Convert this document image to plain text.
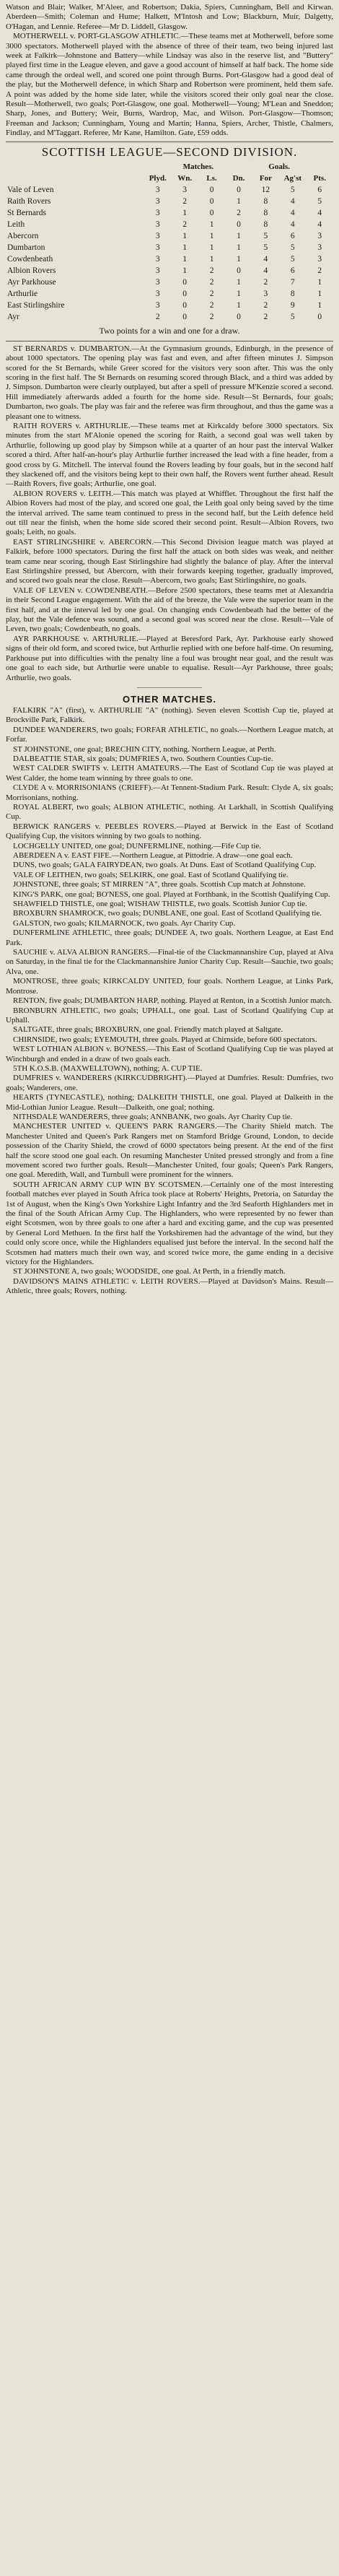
Watson and Blair; Walker, M'Aleer, and Robertson; Dakia, Spiers, Cunningham, Bell and Kirwan. Aberdeen—Smith; Coleman and Hume; Halkett, M'Intosh and Low; Blackburn, Muir, Dalgetty, O'Hagan, and Lennie. Referee—Mr D. Liddell, Glasgow.

MOTHERWELL v. PORT-GLASGOW ATHLETIC.—These teams met at Motherwell, before some 3000 spectators. Motherwell played with the absence of three of their team, two being injured last week at Falkirk—Johnstone and Battery—while Lindsay was also in the reserve list, and "Buttery" played first time in the League eleven, and gave a good account of himself at half back. The home side came through the ordeal well, and scored one point through Burns. Port-Glasgow had a good deal of the play, but the Motherwell defence, in which Sharp and Robertson were prominent, held them safe. A point was added by the home side later, while the visitors scored their only goal near the close. Result—Motherwell, two goals; Port-Glasgow, one goal. Motherwell—Young; M'Lean and Sneddon; Sharp, Jones, and Buttery; Weir, Burns, Wardrop, Mac, and Wilson. Port-Glasgow—Thomson; Freeman and Jackson; Cunningham, Young and Martin; Hanna, Spiers, Archer, Thistle, Chalmers, Findlay, and M'Taggart. Referee, Mr Kane, Hamilton. Gate, £59 odds.

SCOTTISH LEAGUE—SECOND DIVISION.
	Matches.				Goals.		
	Plyd.	Wn.	Ls.	Dn.	For	Ag'st	Pts.
Vale of Leven	3	3	0	0	12	5	6
Raith Rovers	3	2	0	1	8	4	5
St Bernards	3	1	0	2	8	4	4
Leith	3	2	1	0	8	4	4
Abercorn	3	1	1	1	5	6	3
Dumbarton	3	1	1	1	5	5	3
Cowdenbeath	3	1	1	1	4	5	3
Albion Rovers	3	1	2	0	4	6	2
Ayr Parkhouse	3	0	2	1	2	7	1
Arthurlie	3	0	2	1	3	8	1
East Stirlingshire	3	0	2	1	2	9	1
Ayr	2	0	2	0	2	5	0
Two points for a win and one for a draw.

ST BERNARDS v. DUMBARTON.—At the Gymnasium grounds, Edinburgh, in the presence of about 1000 spectators. The opening play was fast and even, and after fifteen minutes J. Simpson scored for the St Bernards, while Greer scored for the visitors very soon after. This was the only scoring in the first half. The St Bernards on resuming scored through Black, and a third was added by J. Simpson. Dumbarton were clearly outplayed, but after a spell of pressure M'Kenzie scored a second. Hill immediately afterwards added a fourth for the home side. Result—St Bernards, four goals; Dumbarton, two goals. The play was fair and the referee was firm throughout, and thus the game was a pleasant one to witness.

RAITH ROVERS v. ARTHURLIE.—These teams met at Kirkcaldy before 3000 spectators. Six minutes from the start M'Alonie opened the scoring for Raith, a second goal was well taken by Arthurlie, following up good play by Simpson while at a quarter of an hour past the interval Walker scored a third. After half-an-hour's play Arthurlie further increased the lead with a fine header, from a good cross by G. Mitchell. The interval found the Rovers leading by four goals, but in the second half they slackened off, and the visitors being kept to their own half, the Rovers went further ahead. Result—Raith Rovers, five goals; Arthurlie, one goal.

ALBION ROVERS v. LEITH.—This match was played at Whifflet. Throughout the first half the Albion Rovers had most of the play, and scored one goal, the Leith goal only being saved by the time the interval arrived. The same team continued to press in the second half, but the Leith defence held out till near the finish, when the home side scored their second point. Result—Albion Rovers, two goals; Leith, no goals.

EAST STIRLINGSHIRE v. ABERCORN.—This Second Division league match was played at Falkirk, before 1000 spectators. During the first half the attack on both sides was weak, and neither team came near scoring, though East Stirlingshire had slightly the balance of play. After the interval East Stirlingshire pressed, but Abercorn, with their forwards keeping together, gradually improved, and scored two goals near the close. Result—Abercorn, two goals; East Stirlingshire, no goals.

VALE OF LEVEN v. COWDENBEATH.—Before 2500 spectators, these teams met at Alexandria in their Second League engagement. With the aid of the breeze, the Vale were the superior team in the first half, and at the interval led by one goal. On changing ends Cowdenbeath had the better of the play, but the Vale defence was sound, and a second goal was scored near the close. Result—Vale of Leven, two goals; Cowdenbeath, no goals.

AYR PARKHOUSE v. ARTHURLIE.—Played at Beresford Park, Ayr. Parkhouse early showed signs of their old form, and scored twice, but Arthurlie replied with one before half-time. On resuming, Parkhouse put into difficulties with the penalty line a foul was brought near goal, and the result was one goal to each side, but Arthurlie were unable to equalise. Result—Ayr Parkhouse, three goals; Arthurlie, two goals.

OTHER MATCHES.

FALKIRK "A" (first), v. ARTHURLIE "A" (nothing). Seven eleven Scottish Cup tie, played at Brockville Park, Falkirk.

DUNDEE WANDERERS, two goals; FORFAR ATHLETIC, no goals.—Northern League match, at Forfar.

ST JOHNSTONE, one goal; BRECHIN CITY, nothing. Northern League, at Perth.

DALBEATTIE STAR, six goals; DUMFRIES A, two. Southern Counties Cup-tie.

WEST CALDER SWIFTS v. LEITH AMATEURS.—The East of Scotland Cup tie was played at West Calder, the home team winning by three goals to one.

CLYDE A v. MORRISONIANS (CRIEFF).—At Tennent-Stadium Park. Result: Clyde A, six goals; Morrisonians, nothing.

ROYAL ALBERT, two goals; ALBION ATHLETIC, nothing. At Larkhall, in Scottish Qualifying Cup.

BERWICK RANGERS v. PEEBLES ROVERS.—Played at Berwick in the East of Scotland Qualifying Cup, the visitors winning by two goals to nothing.

LOCHGELLY UNITED, one goal; DUNFERMLINE, nothing.—Fife Cup tie.

ABERDEEN A v. EAST FIFE.—Northern League, at Pittodrie. A draw—one goal each.

DUNS, two goals; GALA FAIRYDEAN, two goals. At Duns. East of Scotland Qualifying Cup.

VALE OF LEITHEN, two goals; SELKIRK, one goal. East of Scotland Qualifying tie.

JOHNSTONE, three goals; ST MIRREN "A", three goals. Scottish Cup match at Johnstone.

KING'S PARK, one goal; BO'NESS, one goal. Played at Forthbank, in the Scottish Qualifying Cup.

SHAWFIELD THISTLE, one goal; WISHAW THISTLE, two goals. Scottish Junior Cup tie.

BROXBURN SHAMROCK, two goals; DUNBLANE, one goal. East of Scotland Qualifying tie.

GALSTON, two goals; KILMARNOCK, two goals. Ayr Charity Cup.

DUNFERMLINE ATHLETIC, three goals; DUNDEE A, two goals. Northern League, at East End Park.

SAUCHIE v. ALVA ALBION RANGERS.—Final-tie of the Clackmannanshire Cup, played at Alva on Saturday, in the final tie for the Clackmannanshire Junior Charity Cup. Result—Sauchie, two goals; Alva, one.

MONTROSE, three goals; KIRKCALDY UNITED, four goals. Northern League, at Links Park, Montrose.

RENTON, five goals; DUMBARTON HARP, nothing. Played at Renton, in a Scottish Junior match.

BRONBURN ATHLETIC, two goals; UPHALL, one goal. Last of Scotland Qualifying Cup at Uphall.

SALTGATE, three goals; BROXBURN, one goal. Friendly match played at Saltgate.

CHIRNSIDE, two goals; EYEMOUTH, three goals. Played at Chirnside, before 600 spectators.

WEST LOTHIAN ALBION v. BO'NESS.—This East of Scotland Qualifying Cup tie was played at Winchburgh and ended in a draw of two goals each.

5TH K.O.S.B. (MAXWELLTOWN), nothing; A. CUP TIE.

DUMFRIES v. WANDERERS (KIRKCUDBRIGHT).—Played at Dumfries. Result: Dumfries, two goals; Wanderers, one.

HEARTS (TYNECASTLE), nothing; DALKEITH THISTLE, one goal. Played at Dalkeith in the Mid-Lothian Junior League. Result—Dalkeith, one goal; nothing.

NITHSDALE WANDERERS, three goals; ANNBANK, two goals. Ayr Charity Cup tie.

MANCHESTER UNITED v. QUEEN'S PARK RANGERS.—The Charity Shield match. The Manchester United and Queen's Park Rangers met on Stamford Bridge Ground, London, to decide possession of the Charity Shield, the crowd of 6000 spectators being present. At the end of the first half the score stood one goal each. On resuming Manchester United pressed strongly and from a fine movement scored two further goals. Result—Manchester United, four goals; Queen's Park Rangers, one goal. Meredith, Wall, and Turnbull were prominent for the winners.

SOUTH AFRICAN ARMY CUP WIN BY SCOTSMEN.—Certainly one of the most interesting football matches ever played in South Africa took place at Roberts' Heights, Pretoria, on Saturday the 1st of August, when the King's Own Yorkshire Light Infantry and the 3rd Seaforth Highlanders met in the final of the South African Army Cup. The Highlanders, who were represented by no fewer than eight Scotsmen, won by three goals to one after a hard and exciting game, and the cup was presented by General Lord Methuen. In the first half the Yorkshiremen had the advantage of the wind, but they could only score once, while the Highlanders equalised just before the interval. In the second half the Scotsmen had matters much their own way, and scored twice more, the game ending in a decisive victory for the Highlanders.

ST JOHNSTONE A, two goals; WOODSIDE, one goal. At Perth, in a friendly match.

DAVIDSON'S MAINS ATHLETIC v. LEITH ROVERS.—Played at Davidson's Mains. Result—Athletic, three goals; Rovers, nothing.
